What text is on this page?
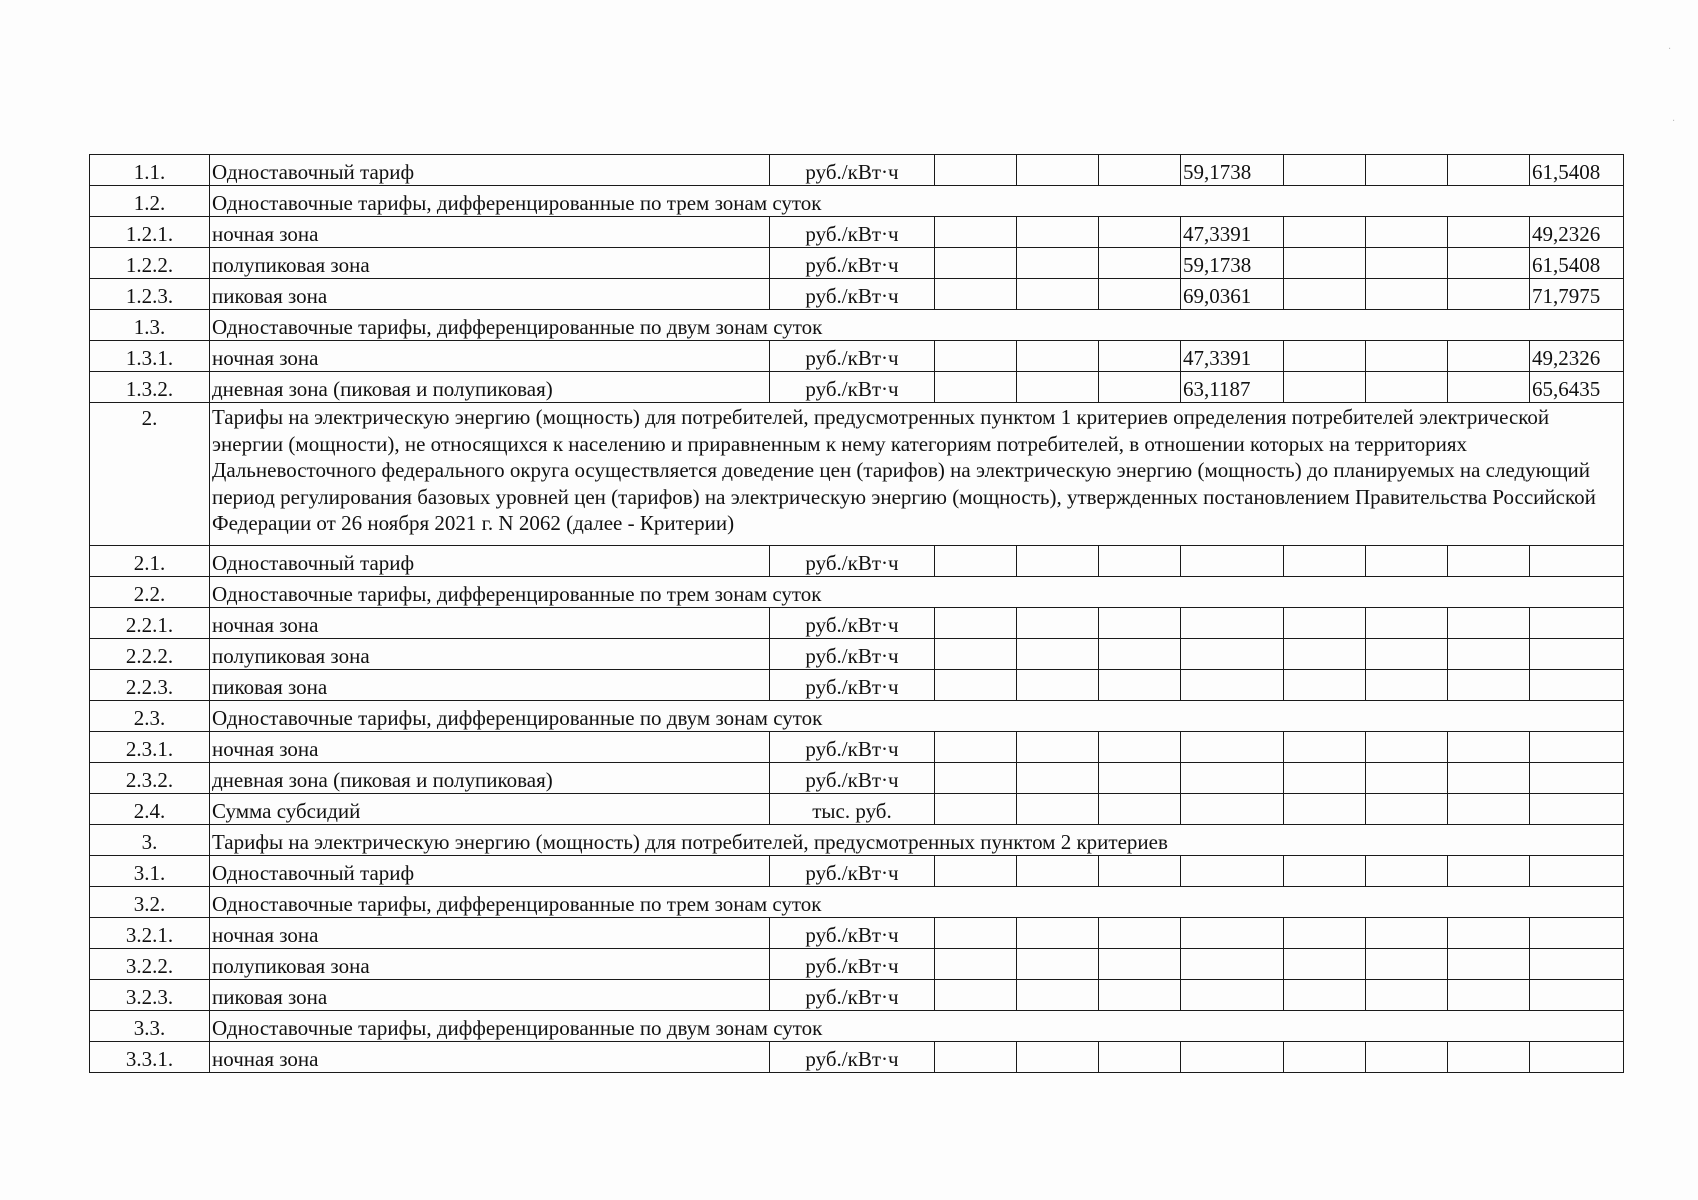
1.1.	Одноставочный тариф	руб./кВт·ч				59,1738				61,5408
1.2.	Одноставочные тарифы, дифференцированные по трем зонам суток									
1.2.1.	ночная зона	руб./кВт·ч				47,3391				49,2326
1.2.2.	полупиковая зона	руб./кВт·ч				59,1738				61,5408
1.2.3.	пиковая зона	руб./кВт·ч				69,0361				71,7975
1.3.	Одноставочные тарифы, дифференцированные по двум зонам суток									
1.3.1.	ночная зона	руб./кВт·ч				47,3391				49,2326
1.3.2.	дневная зона (пиковая и полупиковая)	руб./кВт·ч				63,1187				65,6435
2.	Тарифы на электрическую энергию (мощность) для потребителей, предусмотренных пунктом 1 критериев определения потребителей электрической энергии (мощности), не относящихся к населению и приравненным к нему категориям потребителей, в отношении которых на территориях Дальневосточного федерального округа осуществляется доведение цен (тарифов) на электрическую энергию (мощность) до планируемых на следующий период регулирования базовых уровней цен (тарифов) на электрическую энергию (мощность), утвержденных постановлением Правительства Российской Федерации от 26 ноября 2021 г. N 2062 (далее - Критерии)									
2.1.	Одноставочный тариф	руб./кВт·ч								
2.2.	Одноставочные тарифы, дифференцированные по трем зонам суток									
2.2.1.	ночная зона	руб./кВт·ч								
2.2.2.	полупиковая зона	руб./кВт·ч								
2.2.3.	пиковая зона	руб./кВт·ч								
2.3.	Одноставочные тарифы, дифференцированные по двум зонам суток									
2.3.1.	ночная зона	руб./кВт·ч								
2.3.2.	дневная зона (пиковая и полупиковая)	руб./кВт·ч								
2.4.	Сумма субсидий	тыс. руб.								
3.	Тарифы на электрическую энергию (мощность) для потребителей, предусмотренных пунктом 2 критериев									
3.1.	Одноставочный тариф	руб./кВт·ч								
3.2.	Одноставочные тарифы, дифференцированные по трем зонам суток									
3.2.1.	ночная зона	руб./кВт·ч								
3.2.2.	полупиковая зона	руб./кВт·ч								
3.2.3.	пиковая зона	руб./кВт·ч								
3.3.	Одноставочные тарифы, дифференцированные по двум зонам суток									
3.3.1.	ночная зона	руб./кВт·ч								
·
·
